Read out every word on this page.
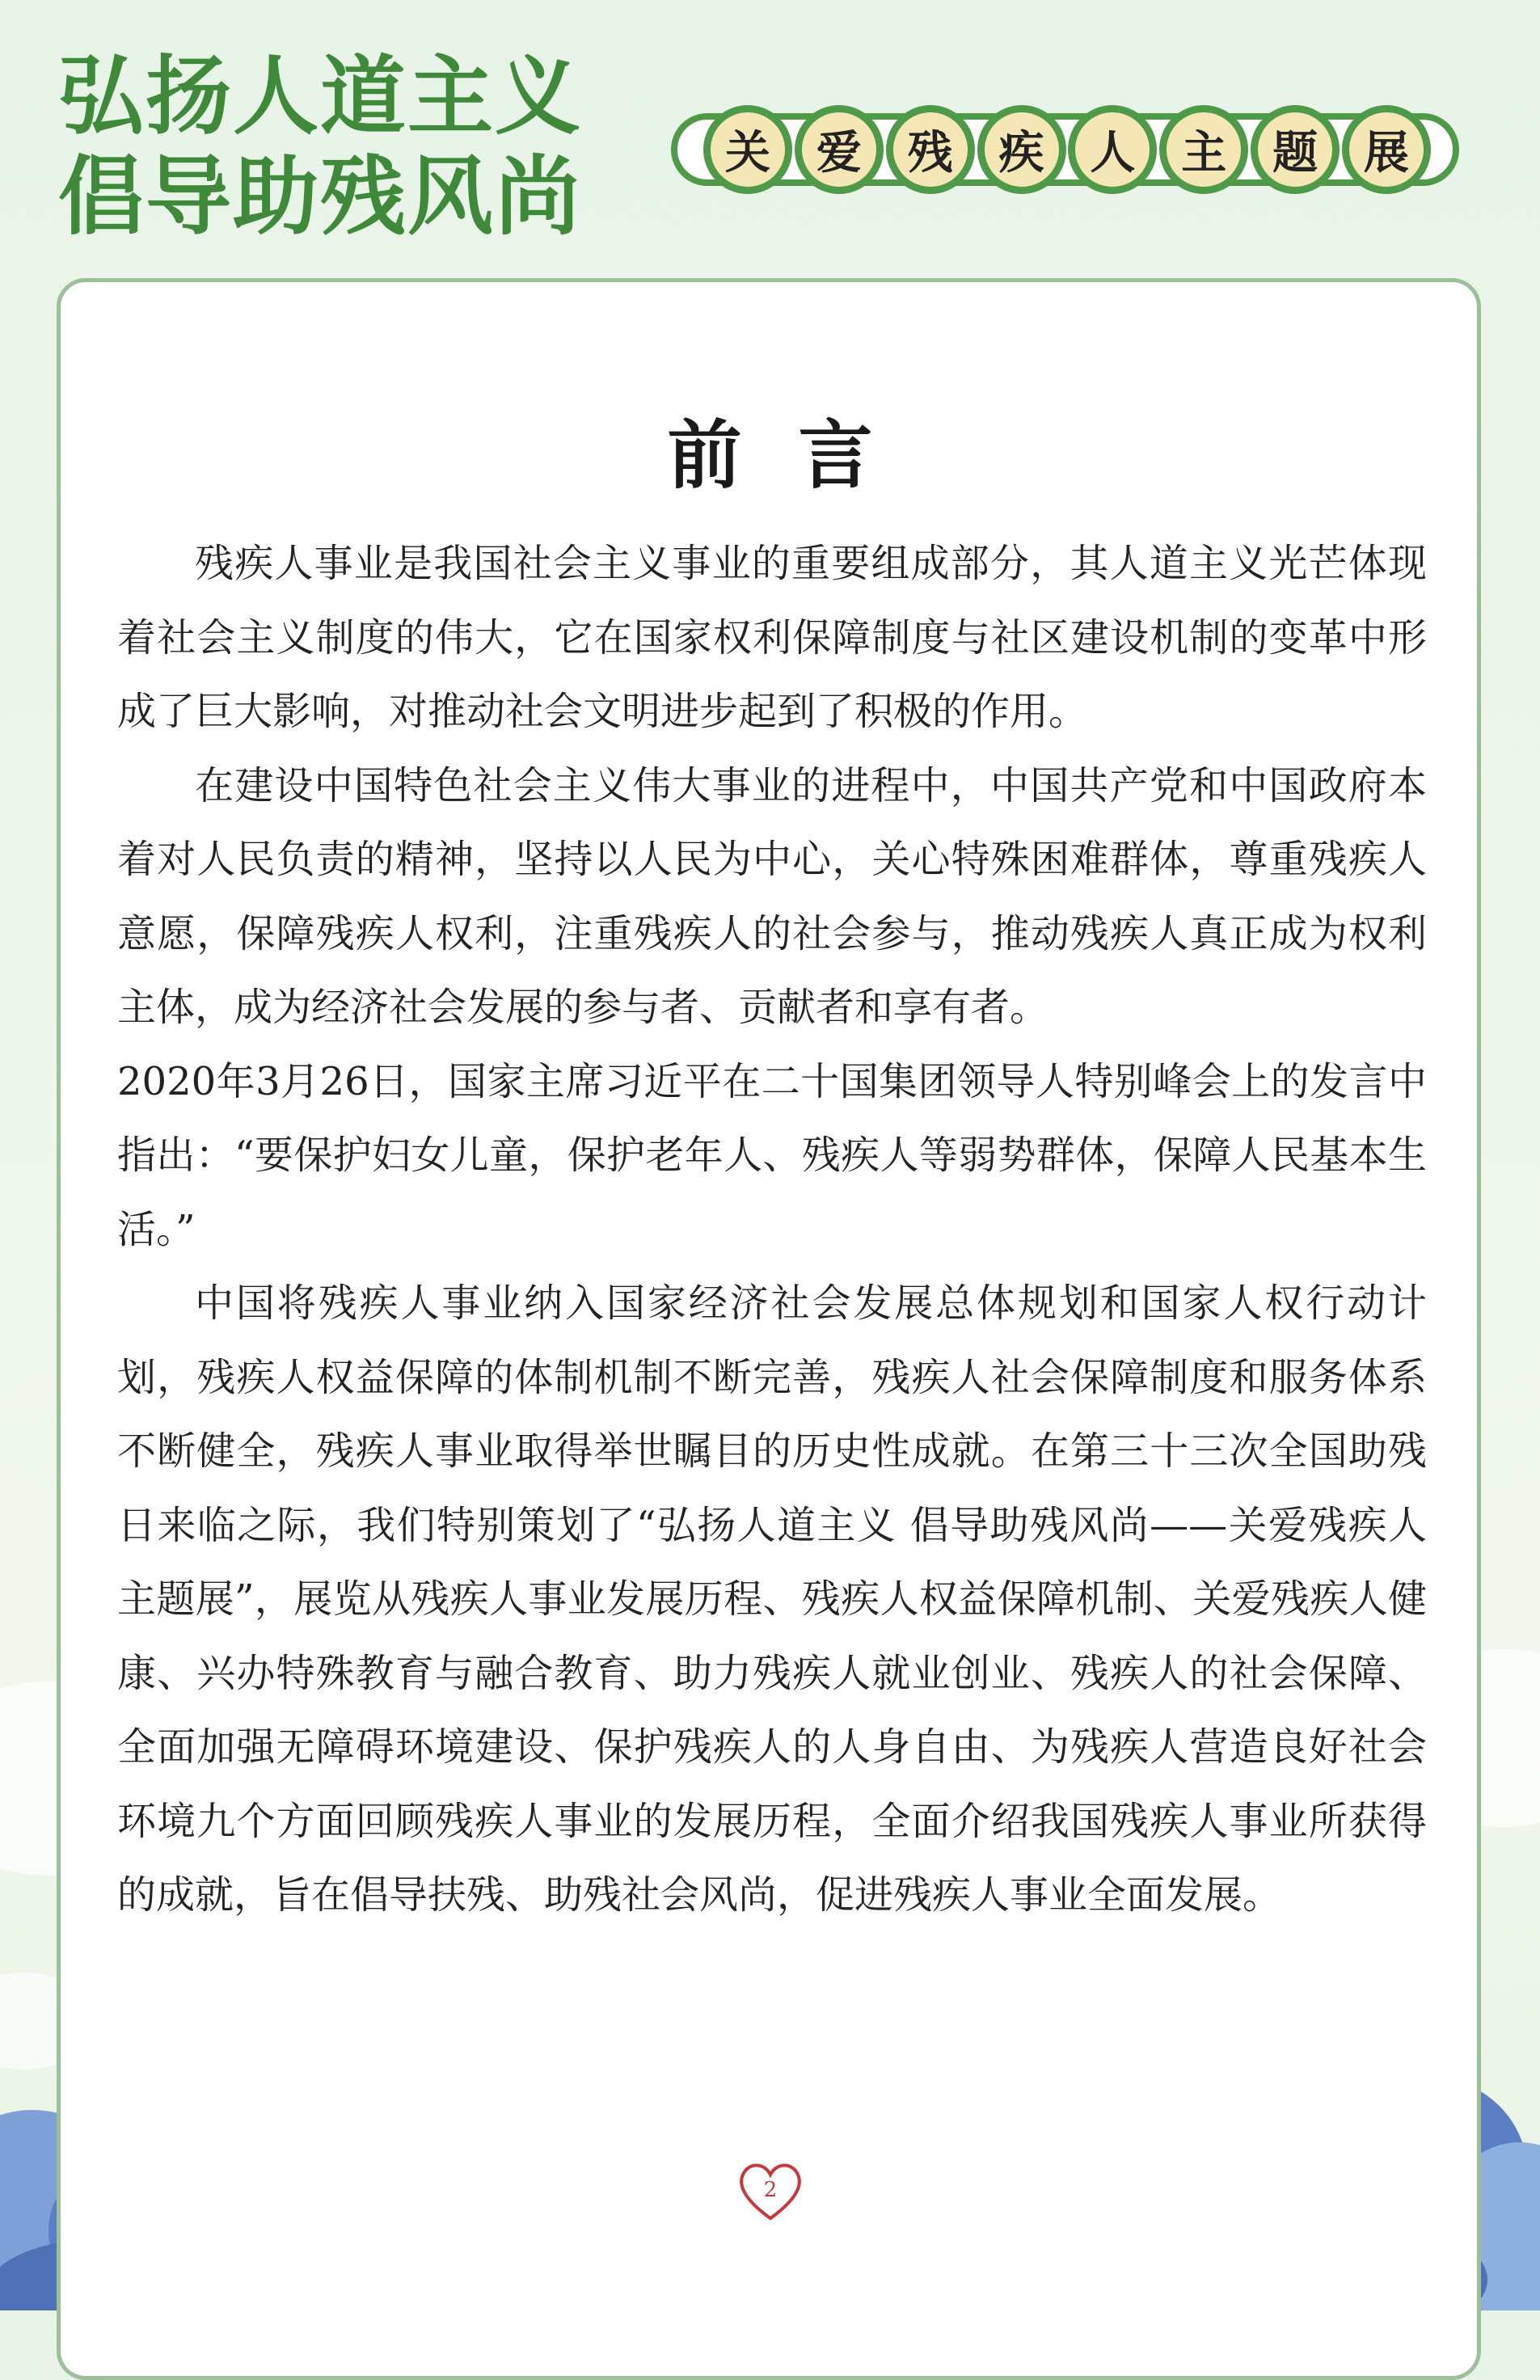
弘扬人道主义
倡导助残风尚	关	爱	残	疾	人	主	题	展
前言

残疾人事业是我国社会主义事业的重要组成部分，其人道主义光芒体现着社会主义制度的伟大，它在国家权利保障制度与社区建设机制的变革中形成了巨大影响，对推动社会文明进步起到了积极的作用。

在建设中国特色社会主义伟大事业的进程中，中国共产党和中国政府本着对人民负责的精神，坚持以人民为中心，关心特殊困难群体，尊重残疾人意愿，保障残疾人权利，注重残疾人的社会参与，推动残疾人真正成为权利主体，成为经济社会发展的参与者、贡献者和享有者。

2020年3月26日，国家主席习近平在二十国集团领导人特别峰会上的发言中指出：“要保护妇女儿童，保护老年人、残疾人等弱势群体，保障人民基本生活。”

中国将残疾人事业纳入国家经济社会发展总体规划和国家人权行动计划，残疾人权益保障的体制机制不断完善，残疾人社会保障制度和服务体系不断健全，残疾人事业取得举世瞩目的历史性成就。在第三十三次全国助残日来临之际，我们特别策划了“弘扬人道主义 倡导助残风尚——关爱残疾人主题展”，展览从残疾人事业发展历程、残疾人权益保障机制、关爱残疾人健康、兴办特殊教育与融合教育、助力残疾人就业创业、残疾人的社会保障、全面加强无障碍环境建设、保护残疾人的人身自由、为残疾人营造良好社会环境九个方面回顾残疾人事业的发展历程，全面介绍我国残疾人事业所获得的成就，旨在倡导扶残、助残社会风尚，促进残疾人事业全面发展。

2
